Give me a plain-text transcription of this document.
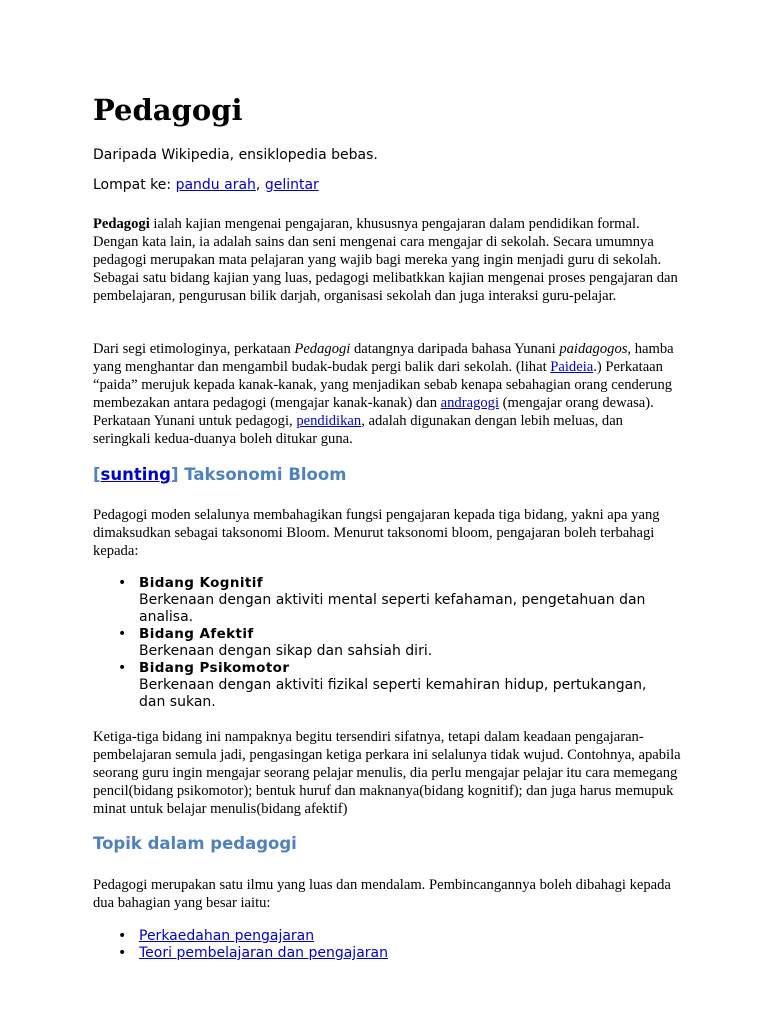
Pedagogi

Daripada Wikipedia, ensiklopedia bebas.

Lompat ke: pandu arah, gelintar

Pedagogi ialah kajian mengenai pengajaran, khususnya pengajaran dalam pendidikan formal. Dengan kata lain, ia adalah sains dan seni mengenai cara mengajar di sekolah. Secara umumnya pedagogi merupakan mata pelajaran yang wajib bagi mereka yang ingin menjadi guru di sekolah. Sebagai satu bidang kajian yang luas, pedagogi melibatkkan kajian mengenai proses pengajaran dan pembelajaran, pengurusan bilik darjah, organisasi sekolah dan juga interaksi guru-pelajar.

Dari segi etimologinya, perkataan Pedagogi datangnya daripada bahasa Yunani paidagogos, hamba yang menghantar dan mengambil budak-budak pergi balik dari sekolah. (lihat Paideia.) Perkataan “paida” merujuk kepada kanak-kanak, yang menjadikan sebab kenapa sebahagian orang cenderung membezakan antara pedagogi (mengajar kanak-kanak) dan andragogi (mengajar orang dewasa). Perkataan Yunani untuk pedagogi, pendidikan, adalah digunakan dengan lebih meluas, dan seringkali kedua-duanya boleh ditukar guna.

[sunting] Taksonomi Bloom

Pedagogi moden selalunya membahagikan fungsi pengajaran kepada tiga bidang, yakni apa yang dimaksudkan sebagai taksonomi Bloom. Menurut taksonomi bloom, pengajaran boleh terbahagi kepada:

• Bidang Kognitif
Berkenaan dengan aktiviti mental seperti kefahaman, pengetahuan dan analisa.
• Bidang Afektif
Berkenaan dengan sikap dan sahsiah diri.
• Bidang Psikomotor
Berkenaan dengan aktiviti fizikal seperti kemahiran hidup, pertukangan, dan sukan.

Ketiga-tiga bidang ini nampaknya begitu tersendiri sifatnya, tetapi dalam keadaan pengajaran-pembelajaran semula jadi, pengasingan ketiga perkara ini selalunya tidak wujud. Contohnya, apabila seorang guru ingin mengajar seorang pelajar menulis, dia perlu mengajar pelajar itu cara memegang pencil(bidang psikomotor); bentuk huruf dan maknanya(bidang kognitif); dan juga harus memupuk minat untuk belajar menulis(bidang afektif)

Topik dalam pedagogi

Pedagogi merupakan satu ilmu yang luas dan mendalam. Pembincangannya boleh dibahagi kepada dua bahagian yang besar iaitu:

• Perkaedahan pengajaran
• Teori pembelajaran dan pengajaran
